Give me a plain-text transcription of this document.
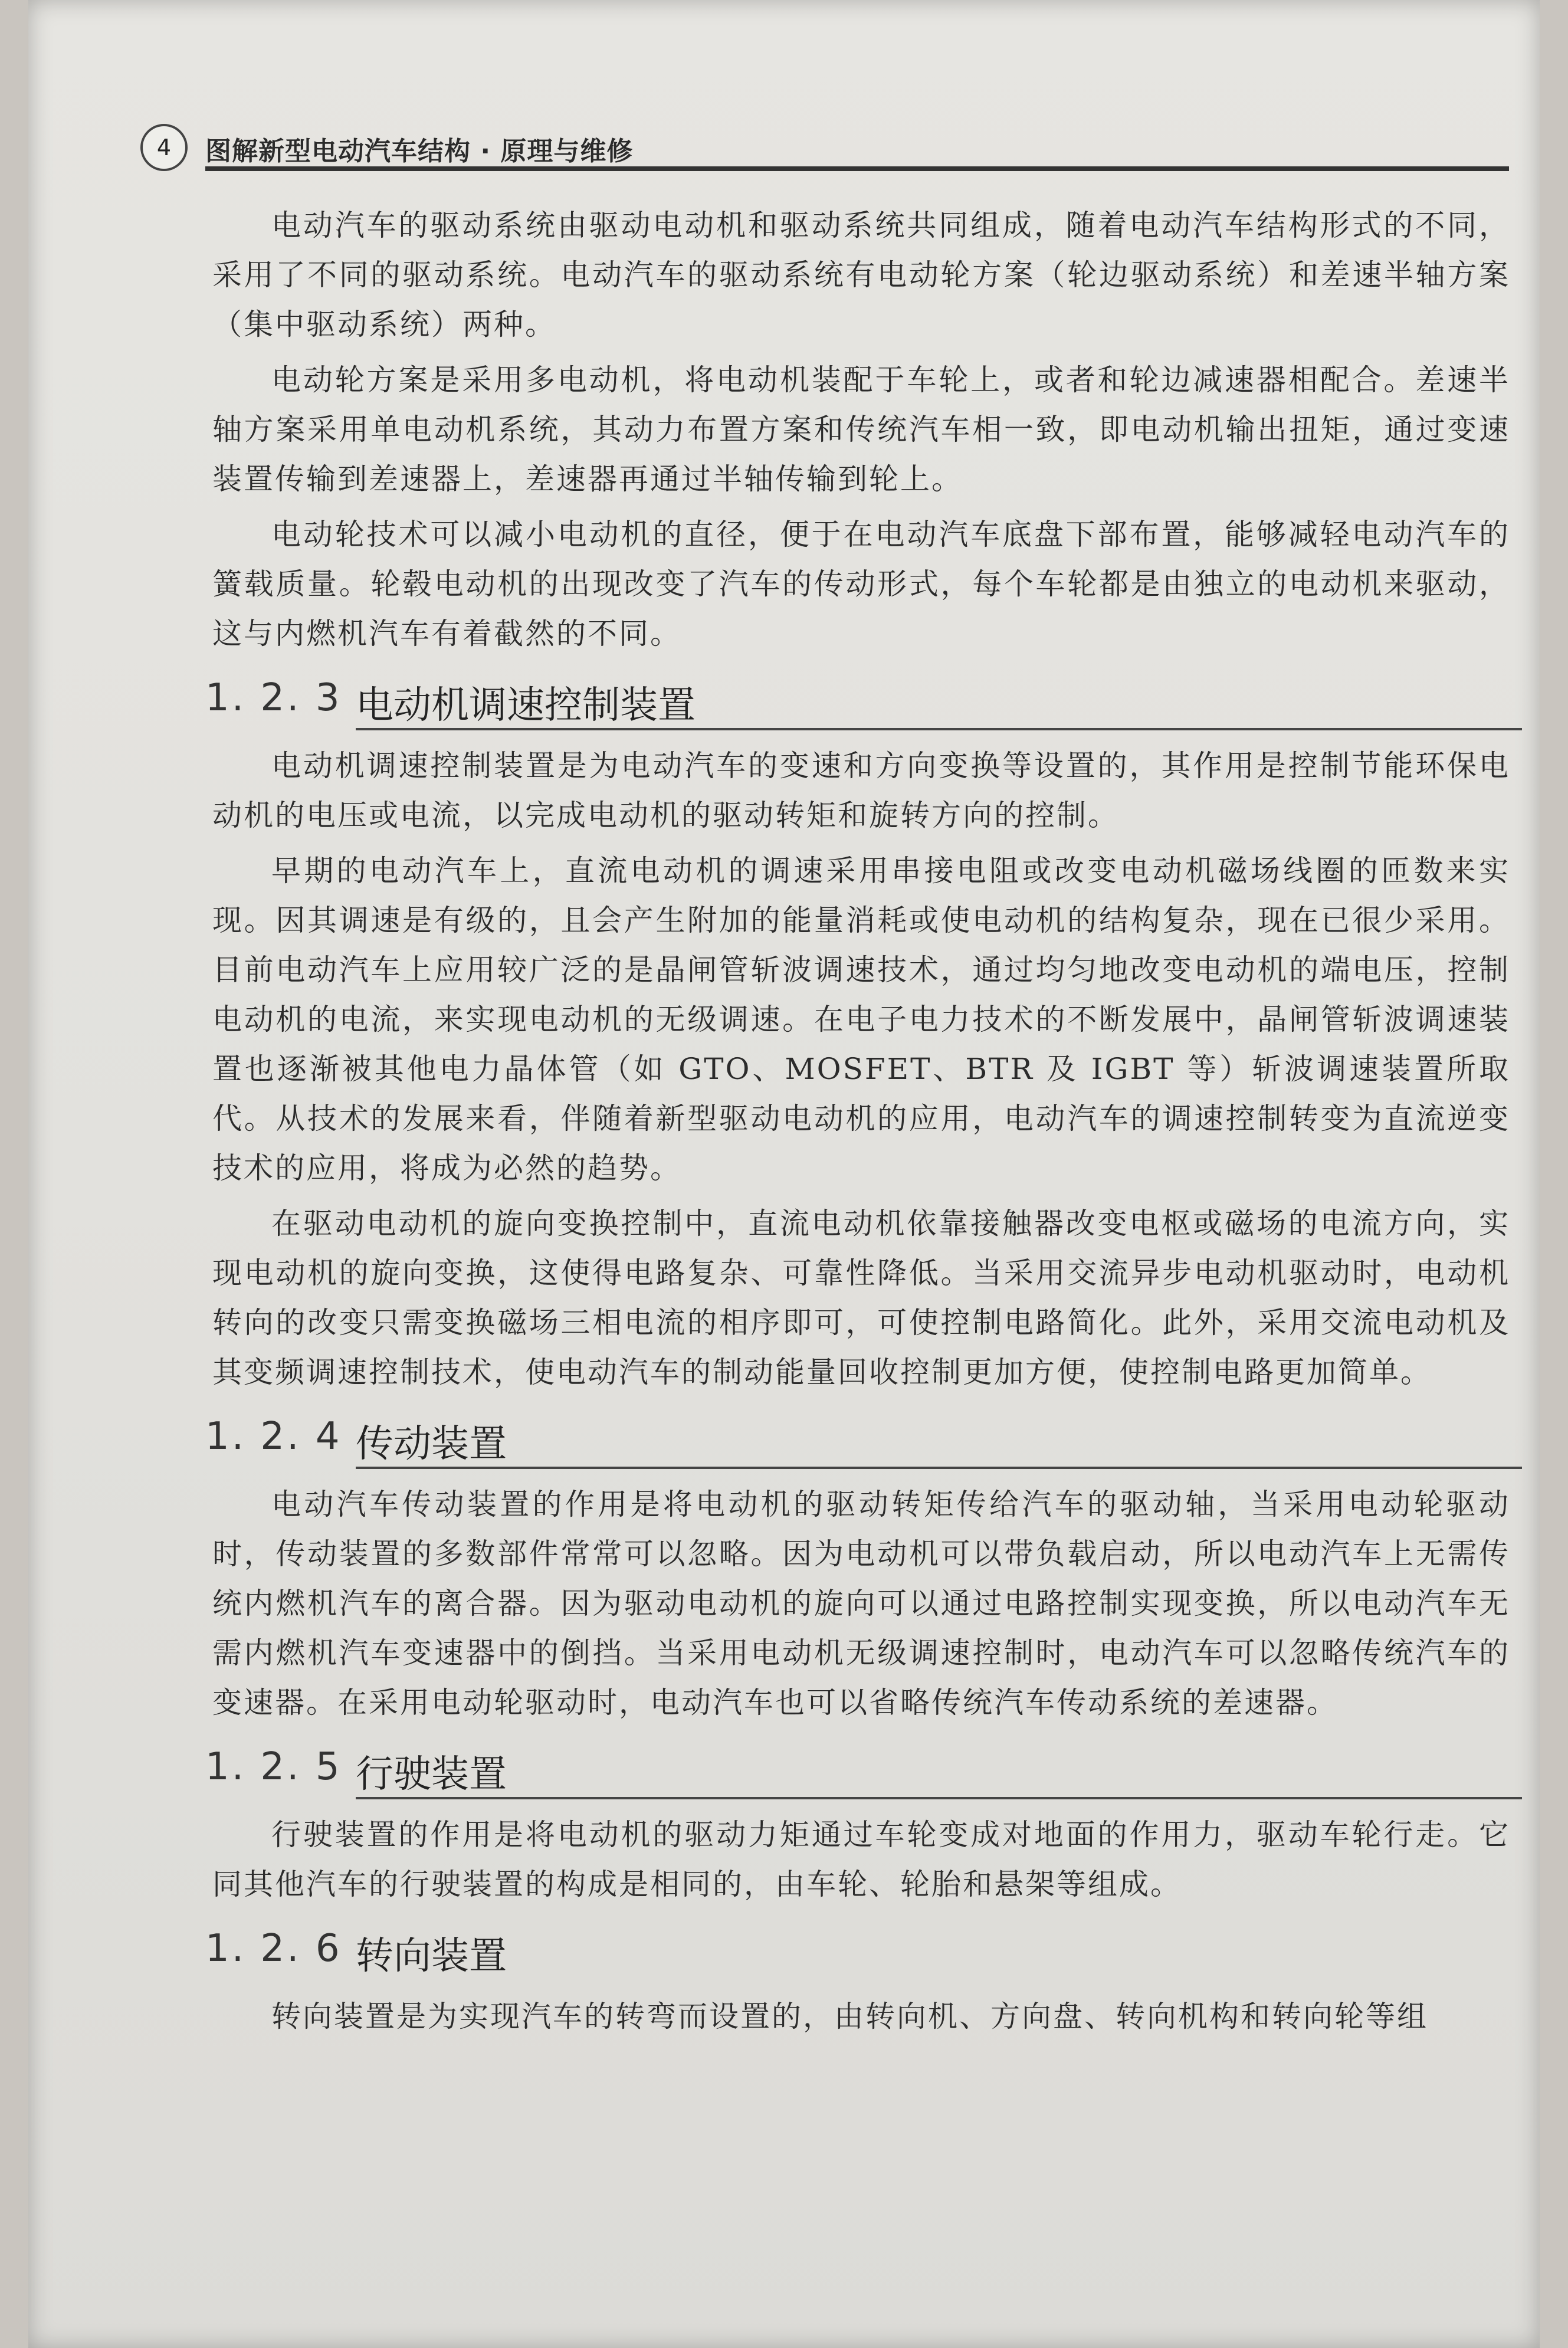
4	图解新型电动汽车结构 · 原理与维修

电动汽车的驱动系统由驱动电动机和驱动系统共同组成，随着电动汽车结构形式的不同，采用了不同的驱动系统。电动汽车的驱动系统有电动轮方案（轮边驱动系统）和差速半轴方案（集中驱动系统）两种。

电动轮方案是采用多电动机，将电动机装配于车轮上，或者和轮边减速器相配合。差速半轴方案采用单电动机系统，其动力布置方案和传统汽车相一致，即电动机输出扭矩，通过变速装置传输到差速器上，差速器再通过半轴传输到轮上。

电动轮技术可以减小电动机的直径，便于在电动汽车底盘下部布置，能够减轻电动汽车的簧载质量。轮毂电动机的出现改变了汽车的传动形式，每个车轮都是由独立的电动机来驱动，这与内燃机汽车有着截然的不同。

1. 2. 3 电动机调速控制装置

电动机调速控制装置是为电动汽车的变速和方向变换等设置的，其作用是控制节能环保电动机的电压或电流，以完成电动机的驱动转矩和旋转方向的控制。

早期的电动汽车上，直流电动机的调速采用串接电阻或改变电动机磁场线圈的匝数来实现。因其调速是有级的，且会产生附加的能量消耗或使电动机的结构复杂，现在已很少采用。目前电动汽车上应用较广泛的是晶闸管斩波调速技术，通过均匀地改变电动机的端电压，控制电动机的电流，来实现电动机的无级调速。在电子电力技术的不断发展中，晶闸管斩波调速装置也逐渐被其他电力晶体管（如 GTO、MOSFET、BTR 及 IGBT 等）斩波调速装置所取代。从技术的发展来看，伴随着新型驱动电动机的应用，电动汽车的调速控制转变为直流逆变技术的应用，将成为必然的趋势。

在驱动电动机的旋向变换控制中，直流电动机依靠接触器改变电枢或磁场的电流方向，实现电动机的旋向变换，这使得电路复杂、可靠性降低。当采用交流异步电动机驱动时，电动机转向的改变只需变换磁场三相电流的相序即可，可使控制电路简化。此外，采用交流电动机及其变频调速控制技术，使电动汽车的制动能量回收控制更加方便，使控制电路更加简单。

1. 2. 4 传动装置

电动汽车传动装置的作用是将电动机的驱动转矩传给汽车的驱动轴，当采用电动轮驱动时，传动装置的多数部件常常可以忽略。因为电动机可以带负载启动，所以电动汽车上无需传统内燃机汽车的离合器。因为驱动电动机的旋向可以通过电路控制实现变换，所以电动汽车无需内燃机汽车变速器中的倒挡。当采用电动机无级调速控制时，电动汽车可以忽略传统汽车的变速器。在采用电动轮驱动时，电动汽车也可以省略传统汽车传动系统的差速器。

1. 2. 5 行驶装置

行驶装置的作用是将电动机的驱动力矩通过车轮变成对地面的作用力，驱动车轮行走。它同其他汽车的行驶装置的构成是相同的，由车轮、轮胎和悬架等组成。

1. 2. 6 转向装置

转向装置是为实现汽车的转弯而设置的，由转向机、方向盘、转向机构和转向轮等组
